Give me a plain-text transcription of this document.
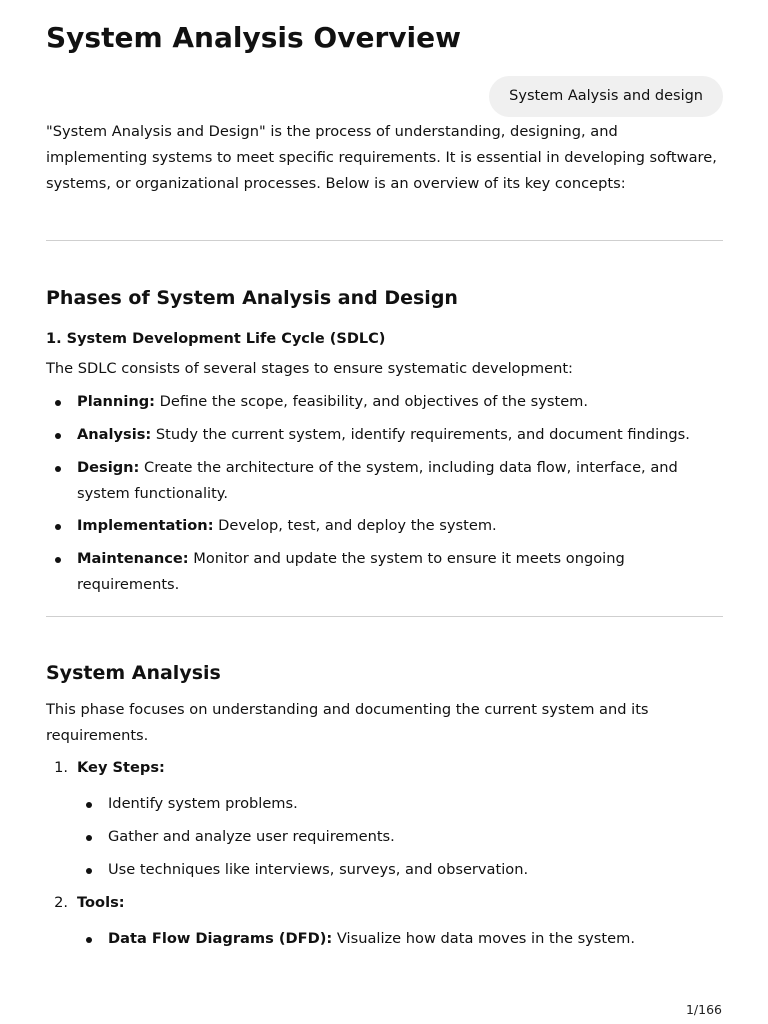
System Analysis Overview
System Aalysis and design

"System Analysis and Design" is the process of understanding, designing, and implementing systems to meet specific requirements. It is essential in developing software, systems, or organizational processes. Below is an overview of its key concepts:

Phases of System Analysis and Design
1. System Development Life Cycle (SDLC)

The SDLC consists of several stages to ensure systematic development:

Planning: Define the scope, feasibility, and objectives of the system.
Analysis: Study the current system, identify requirements, and document findings.
Design: Create the architecture of the system, including data flow, interface, and system functionality.
Implementation: Develop, test, and deploy the system.
Maintenance: Monitor and update the system to ensure it meets ongoing requirements.
System Analysis

This phase focuses on understanding and documenting the current system and its requirements.

1. Key Steps:
Identify system problems.
Gather and analyze user requirements.
Use techniques like interviews, surveys, and observation.
2. Tools:
Data Flow Diagrams (DFD): Visualize how data moves in the system.
1/166
